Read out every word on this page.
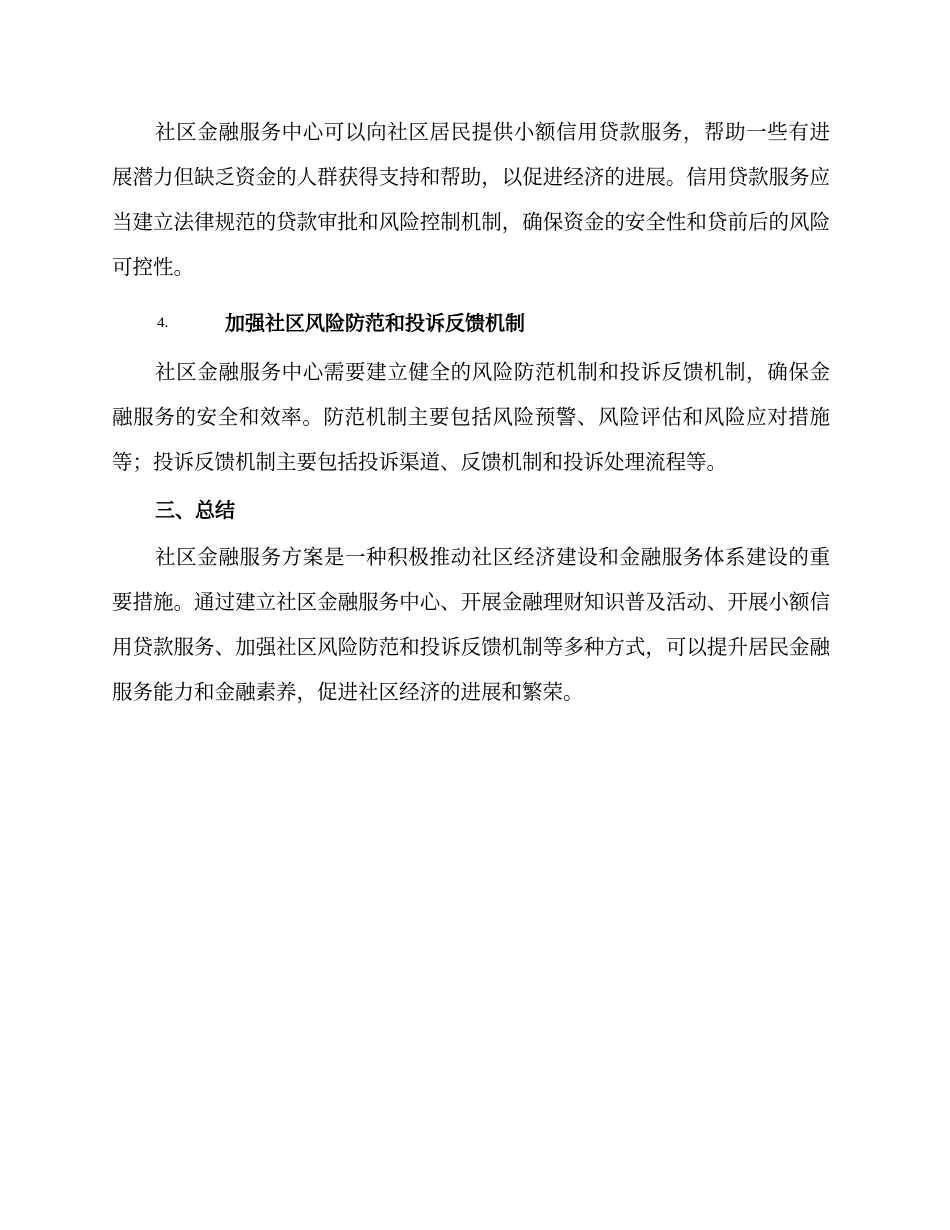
社区金融服务中心可以向社区居民提供小额信用贷款服务，帮助一些有进展潜力但缺乏资金的人群获得支持和帮助，以促进经济的进展。信用贷款服务应当建立法律规范的贷款审批和风险控制机制，确保资金的安全性和贷前后的风险可控性。

4.	加强社区风险防范和投诉反馈机制

社区金融服务中心需要建立健全的风险防范机制和投诉反馈机制，确保金融服务的安全和效率。防范机制主要包括风险预警、风险评估和风险应对措施等；投诉反馈机制主要包括投诉渠道、反馈机制和投诉处理流程等。

三、总结

社区金融服务方案是一种积极推动社区经济建设和金融服务体系建设的重要措施。通过建立社区金融服务中心、开展金融理财知识普及活动、开展小额信用贷款服务、加强社区风险防范和投诉反馈机制等多种方式，可以提升居民金融服务能力和金融素养，促进社区经济的进展和繁荣。
